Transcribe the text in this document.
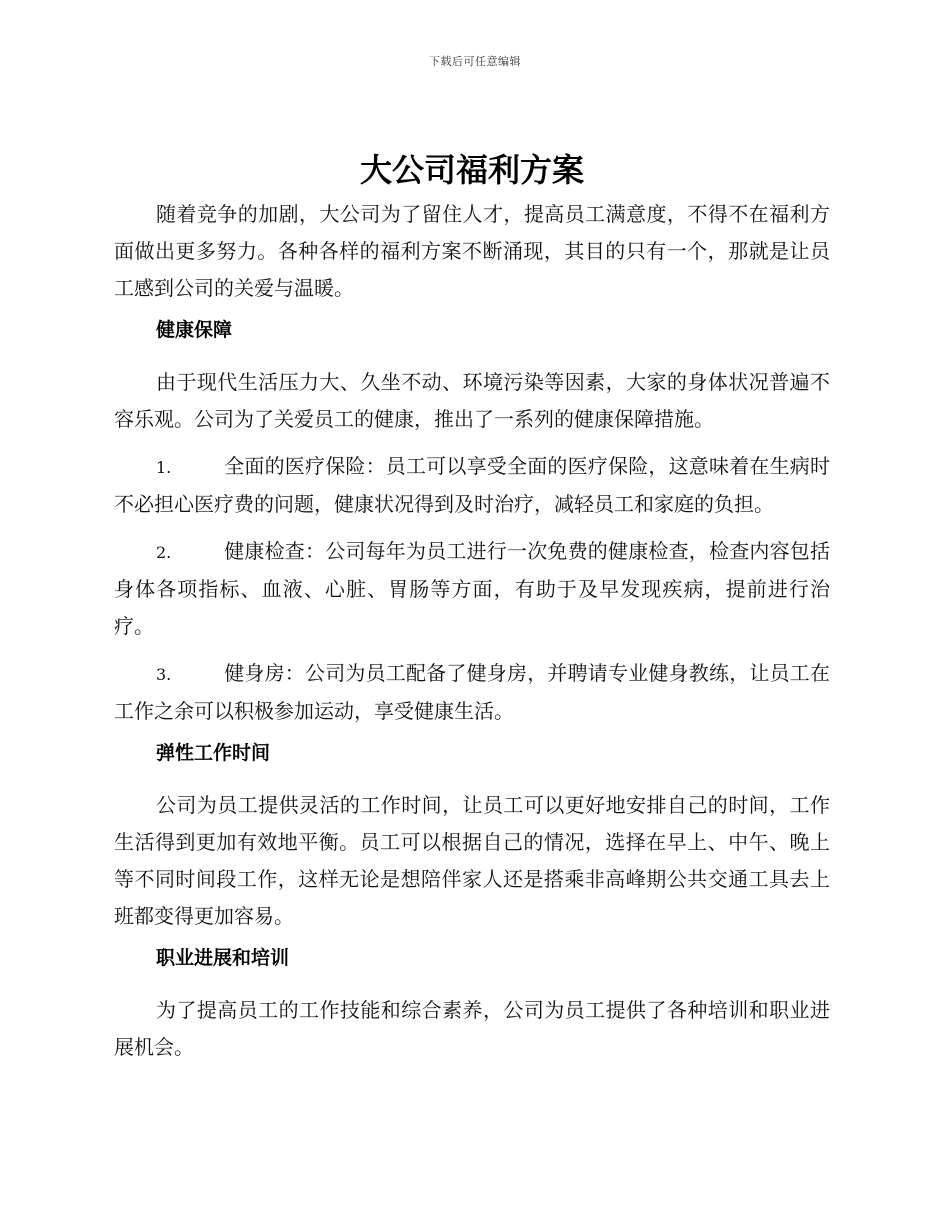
下载后可任意编辑
大公司福利方案

随着竞争的加剧，大公司为了留住人才，提高员工满意度，不得不在福利方面做出更多努力。各种各样的福利方案不断涌现，其目的只有一个，那就是让员工感到公司的关爱与温暖。

健康保障

由于现代生活压力大、久坐不动、环境污染等因素，大家的身体状况普遍不容乐观。公司为了关爱员工的健康，推出了一系列的健康保障措施。

1.	全面的医疗保险：员工可以享受全面的医疗保险，这意味着在生病时不必担心医疗费的问题，健康状况得到及时治疗，减轻员工和家庭的负担。

2.	健康检查：公司每年为员工进行一次免费的健康检查，检查内容包括身体各项指标、血液、心脏、胃肠等方面，有助于及早发现疾病，提前进行治疗。

3.	健身房：公司为员工配备了健身房，并聘请专业健身教练，让员工在工作之余可以积极参加运动，享受健康生活。

弹性工作时间

公司为员工提供灵活的工作时间，让员工可以更好地安排自己的时间，工作生活得到更加有效地平衡。员工可以根据自己的情况，选择在早上、中午、晚上等不同时间段工作，这样无论是想陪伴家人还是搭乘非高峰期公共交通工具去上班都变得更加容易。

职业进展和培训

为了提高员工的工作技能和综合素养，公司为员工提供了各种培训和职业进展机会。
